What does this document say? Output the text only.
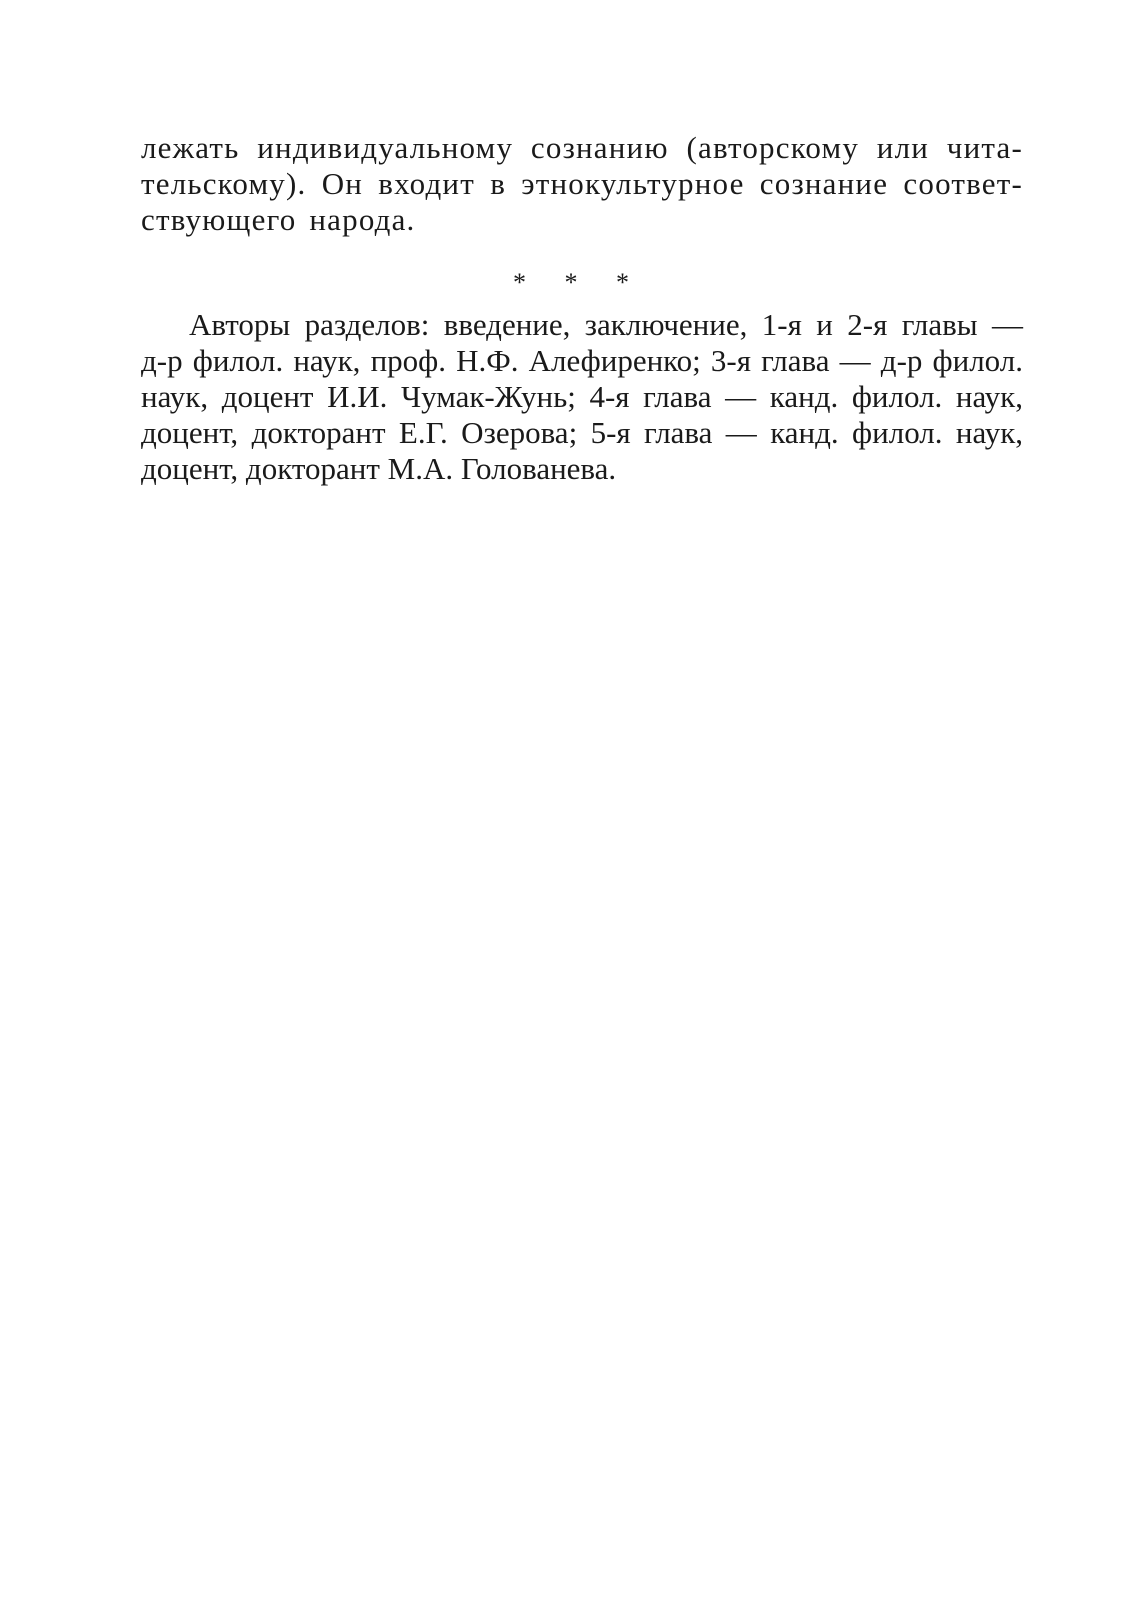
лежать индивидуальному сознанию (авторскому или чита-
тельскому). Он входит в этнокультурное сознание соответ-
ствующего народа.
* * *
Авторы разделов: введение, заключение, 1-я и 2-я главы —
д-р филол. наук, проф. Н.Ф. Алефиренко; 3-я глава — д-р филол.
наук, доцент И.И. Чумак-Жунь; 4-я глава — канд. филол. наук,
доцент, докторант Е.Г. Озерова; 5-я глава — канд. филол. наук,
доцент, докторант М.А. Голованева.
